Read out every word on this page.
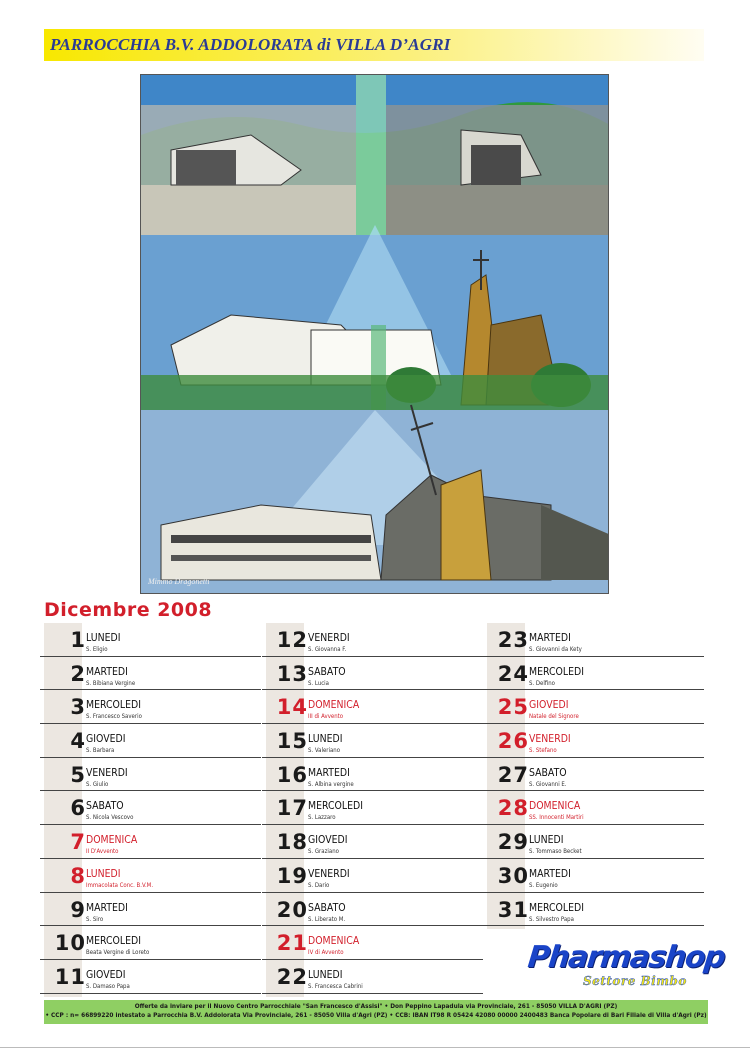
PARROCCHIA B.V. ADDOLORATA di VILLA D’AGRI
Mimmo Dragonetti
Dicembre 2008
1 LUNEDI
S. Eligio
2 MARTEDI
S. Bibiana Vergine
3 MERCOLEDI
S. Francesco Saverio
4 GIOVEDI
S. Barbara
5 VENERDI
S. Giulio
6 SABATO
S. Nicola Vescovo
7 DOMENICA
II D'Avvento
8 LUNEDI
Immacolata Conc. B.V.M.
9 MARTEDI
S. Siro
10 MERCOLEDI
Beata Vergine di Loreto
11 GIOVEDI
S. Damaso Papa
12 VENERDI
S. Giovanna F.
13 SABATO
S. Lucia
14 DOMENICA
III di Avvento
15 LUNEDI
S. Valeriano
16 MARTEDI
S. Albina vergine
17 MERCOLEDI
S. Lazzaro
18 GIOVEDI
S. Graziano
19 VENERDI
S. Dario
20 SABATO
S. Liberato M.
21 DOMENICA
IV di Avvento
22 LUNEDI
S. Francesca Cabrini
23 MARTEDI
S. Giovanni da Kety
24 MERCOLEDI
S. Delfino
25 GIOVEDI
Natale del Signore
26 VENERDI
S. Stefano
27 SABATO
S. Giovanni E.
28 DOMENICA
SS. Innocenti Martiri
29 LUNEDI
S. Tommaso Becket
30 MARTEDI
S. Eugenio
31 MERCOLEDI
S. Silvestro Papa
Pharmashop
Settore Bimbo

Offerte da inviare per il Nuovo Centro Parrocchiale "San Francesco d'Assisi" • Don Peppino Lapadula via Provinciale, 261 - 85050 VILLA D'AGRI (PZ)

• CCP : n= 66899220 intestato a Parrocchia B.V. Addolorata Via Provinciale, 261 - 85050 Villa d'Agri (PZ) • CCB: IBAN IT98 R 05424 42080 00000 2400483 Banca Popolare di Bari Filiale di Villa d'Agri (Pz)
